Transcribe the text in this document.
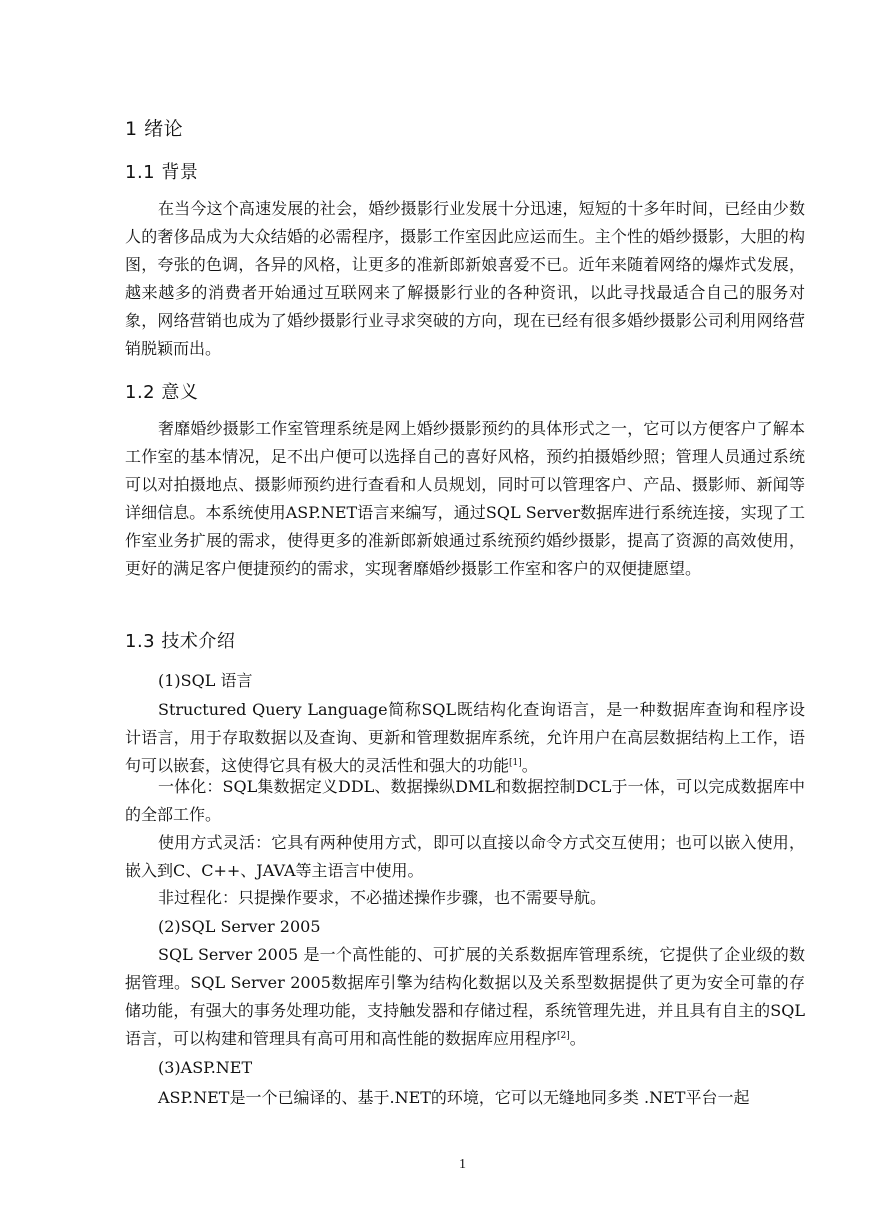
1 绪论
1.1 背景
在当今这个高速发展的社会，婚纱摄影行业发展十分迅速，短短的十多年时间，已经由少数人的奢侈品成为大众结婚的必需程序，摄影工作室因此应运而生。主个性的婚纱摄影，大胆的构图，夸张的色调，各异的风格，让更多的准新郎新娘喜爱不已。近年来随着网络的爆炸式发展，越来越多的消费者开始通过互联网来了解摄影行业的各种资讯，以此寻找最适合自己的服务对象，网络营销也成为了婚纱摄影行业寻求突破的方向，现在已经有很多婚纱摄影公司利用网络营销脱颖而出。
1.2 意义
奢靡婚纱摄影工作室管理系统是网上婚纱摄影预约的具体形式之一，它可以方便客户了解本工作室的基本情况，足不出户便可以选择自己的喜好风格，预约拍摄婚纱照；管理人员通过系统可以对拍摄地点、摄影师预约进行查看和人员规划，同时可以管理客户、产品、摄影师、新闻等详细信息。本系统使用ASP.NET语言来编写，通过SQL Server数据库进行系统连接，实现了工作室业务扩展的需求，使得更多的准新郎新娘通过系统预约婚纱摄影，提高了资源的高效使用，更好的满足客户便捷预约的需求，实现奢靡婚纱摄影工作室和客户的双便捷愿望。
1.3 技术介绍
(1)SQL 语言
Structured Query Language简称SQL既结构化查询语言，是一种数据库查询和程序设计语言，用于存取数据以及查询、更新和管理数据库系统，允许用户在高层数据结构上工作，语句可以嵌套，这使得它具有极大的灵活性和强大的功能[1]。
一体化：SQL集数据定义DDL、数据操纵DML和数据控制DCL于一体，可以完成数据库中的全部工作。
使用方式灵活：它具有两种使用方式，即可以直接以命令方式交互使用；也可以嵌入使用，嵌入到C、C++、JAVA等主语言中使用。
非过程化：只提操作要求，不必描述操作步骤，也不需要导航。
(2)SQL Server 2005
SQL Server 2005 是一个高性能的、可扩展的关系数据库管理系统，它提供了企业级的数据管理。SQL Server 2005数据库引擎为结构化数据以及关系型数据提供了更为安全可靠的存储功能，有强大的事务处理功能，支持触发器和存储过程，系统管理先进，并且具有自主的SQL语言，可以构建和管理具有高可用和高性能的数据库应用程序[2]。
(3)ASP.NET
ASP.NET是一个已编译的、基于.NET的环境，它可以无缝地同多类 .NET平台一起
1
